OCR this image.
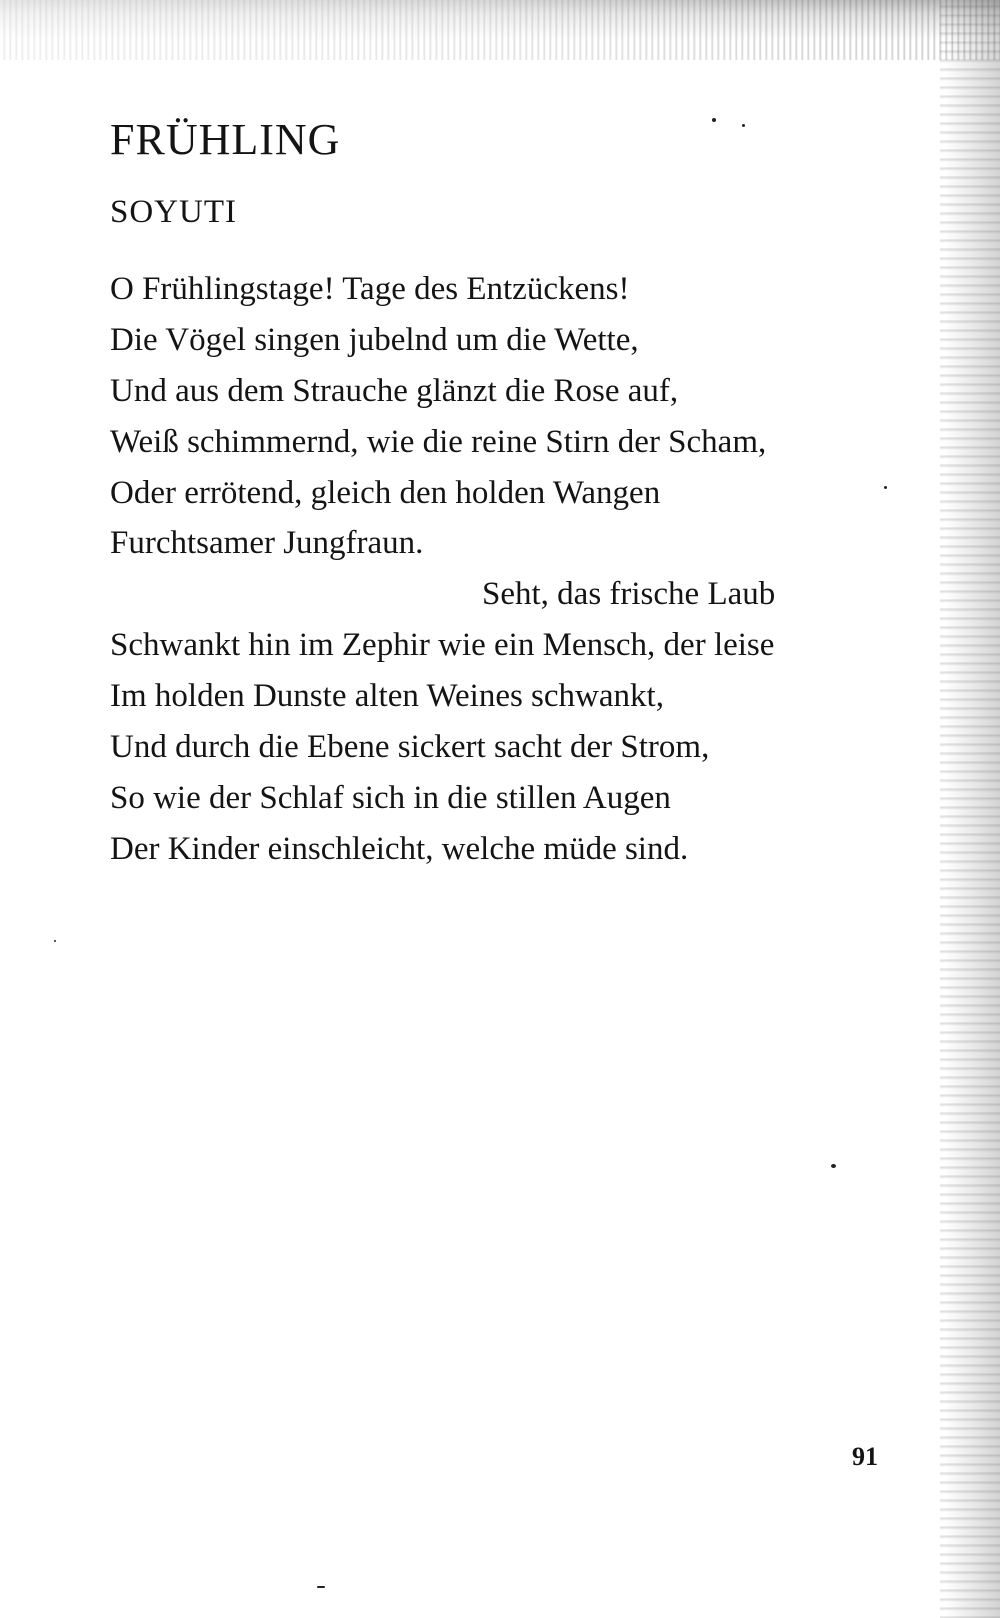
FRÜHLING
SOYUTI
O Frühlingstage! Tage des Entzückens!
Die Vögel singen jubelnd um die Wette,
Und aus dem Strauche glänzt die Rose auf,
Weiß schimmernd, wie die reine Stirn der Scham,
Oder errötend, gleich den holden Wangen
Furchtsamer Jungfraun.
Seht, das frische Laub
Schwankt hin im Zephir wie ein Mensch, der leise
Im holden Dunste alten Weines schwankt,
Und durch die Ebene sickert sacht der Strom,
So wie der Schlaf sich in die stillen Augen
Der Kinder einschleicht, welche müde sind.
91
